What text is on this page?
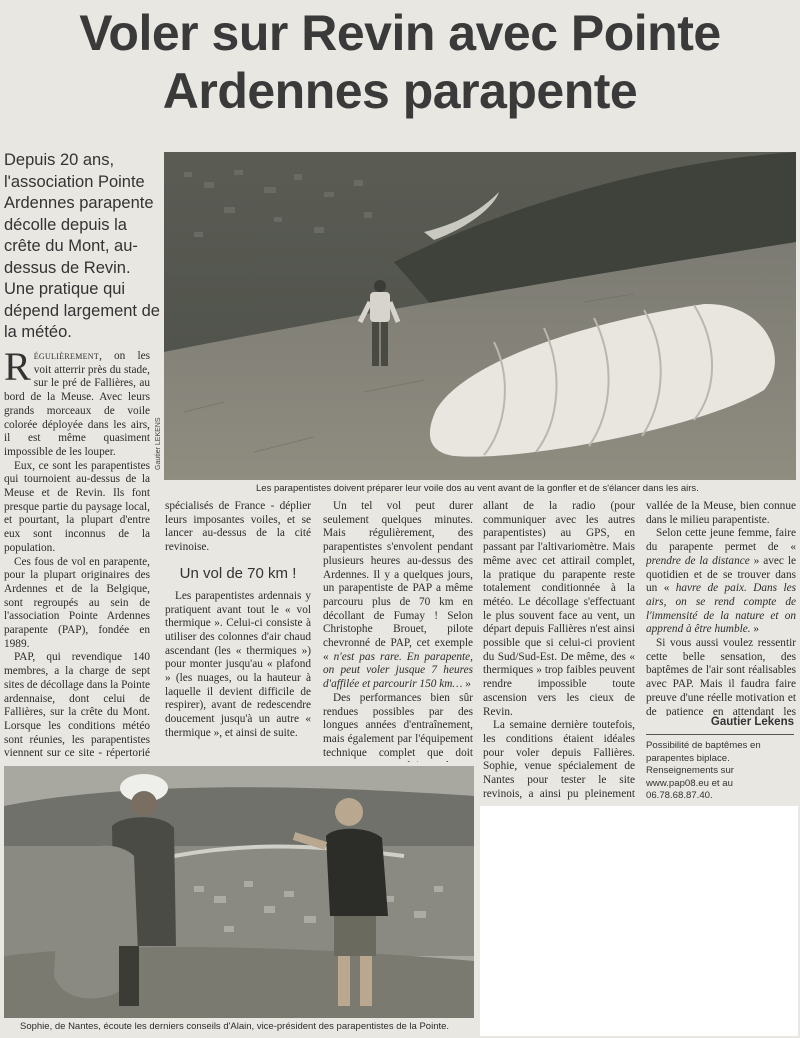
Voler sur Revin avec Pointe
Ardennes parapente
Depuis 20 ans, l'association Pointe Ardennes parapente décolle depuis la crête du Mont, au-dessus de Revin. Une pratique qui dépend largement de la météo.
Gautier LEKENS
Les parapentistes doivent préparer leur voile dos au vent avant de la gonfler et de s'élancer dans les airs.

Régulièrement, on les voit atterrir près du stade, sur le pré de Fallières, au bord de la Meuse. Avec leurs grands morceaux de voile colorée déployée dans les airs, il est même quasiment impossible de les louper.

Eux, ce sont les parapentistes qui tournoient au-dessus de la Meuse et de Revin. Ils font presque partie du paysage local, et pourtant, la plupart d'entre eux sont inconnus de la population.

Ces fous de vol en parapente, pour la plupart originaires des Ardennes et de la Belgique, sont regroupés au sein de l'association Pointe Ardennes parapente (PAP), fondée en 1989.

PAP, qui revendique 140 membres, a la charge de sept sites de décollage dans la Pointe ardennaise, dont celui de Fallières, sur la crête du Mont. Lorsque les conditions météo sont réunies, les parapentistes viennent sur ce site - répertorié

spécialisés de France - déplier leurs imposantes voiles, et se lancer au-dessus de la cité revinoise.

Un vol de 70 km !

Les parapentistes ardennais y pratiquent avant tout le « vol thermique ». Celui-ci consiste à utiliser des colonnes d'air chaud ascendant (les « thermiques ») pour monter jusqu'au « plafond » (les nuages, ou la hauteur à laquelle il devient difficile de respirer), avant de redescendre doucement jusqu'à un autre « thermique », et ainsi de suite.

Un tel vol peut durer seulement quelques minutes. Mais régulièrement, des parapentistes s'envolent pendant plusieurs heures au-dessus des Ardennes. Il y a quelques jours, un parapentiste de PAP a même parcouru plus de 70 km en décollant de Fumay ! Selon Christophe Brouet, pilote chevronné de PAP, cet exemple « n'est pas rare. En parapente, on peut voler jusque 7 heures d'affilée et parcourir 150 km… »

Des performances bien sûr rendues possibles par des longues années d'entraînement, mais également par l'équipement technique complet que doit

allant de la radio (pour communiquer avec les autres parapentistes) au GPS, en passant par l'altivariomètre. Mais même avec cet attirail complet, la pratique du parapente reste totalement conditionnée à la météo. Le décollage s'effectuant le plus souvent face au vent, un départ depuis Fallières n'est ainsi possible que si celui-ci provient du Sud/Sud-Est. De même, des « thermiques » trop faibles peuvent rendre impossible toute ascension vers les cieux de Revin.

La semaine dernière toutefois, les conditions étaient idéales pour voler depuis Fallières. Sophie, venue spécialement de Nantes pour tester le site revinois, a ainsi pu pleinement

vallée de la Meuse, bien connue dans le milieu parapentiste.

Selon cette jeune femme, faire du parapente permet de « prendre de la distance » avec le quotidien et de se trouver dans un « havre de paix. Dans les airs, on se rend compte de l'immensité de la nature et on apprend à être humble. »

Si vous aussi voulez ressentir cette belle sensation, des baptêmes de l'air sont réalisables avec PAP. Mais il faudra faire preuve d'une réelle motivation et de patience en attendant les

Gautier Lekens
Possibilité de baptêmes en parapentes biplace. Renseignements sur www.pap08.eu et au 06.78.68.87.40.
Sophie, de Nantes, écoute les derniers conseils d'Alain, vice-président des parapentistes de la Pointe.
